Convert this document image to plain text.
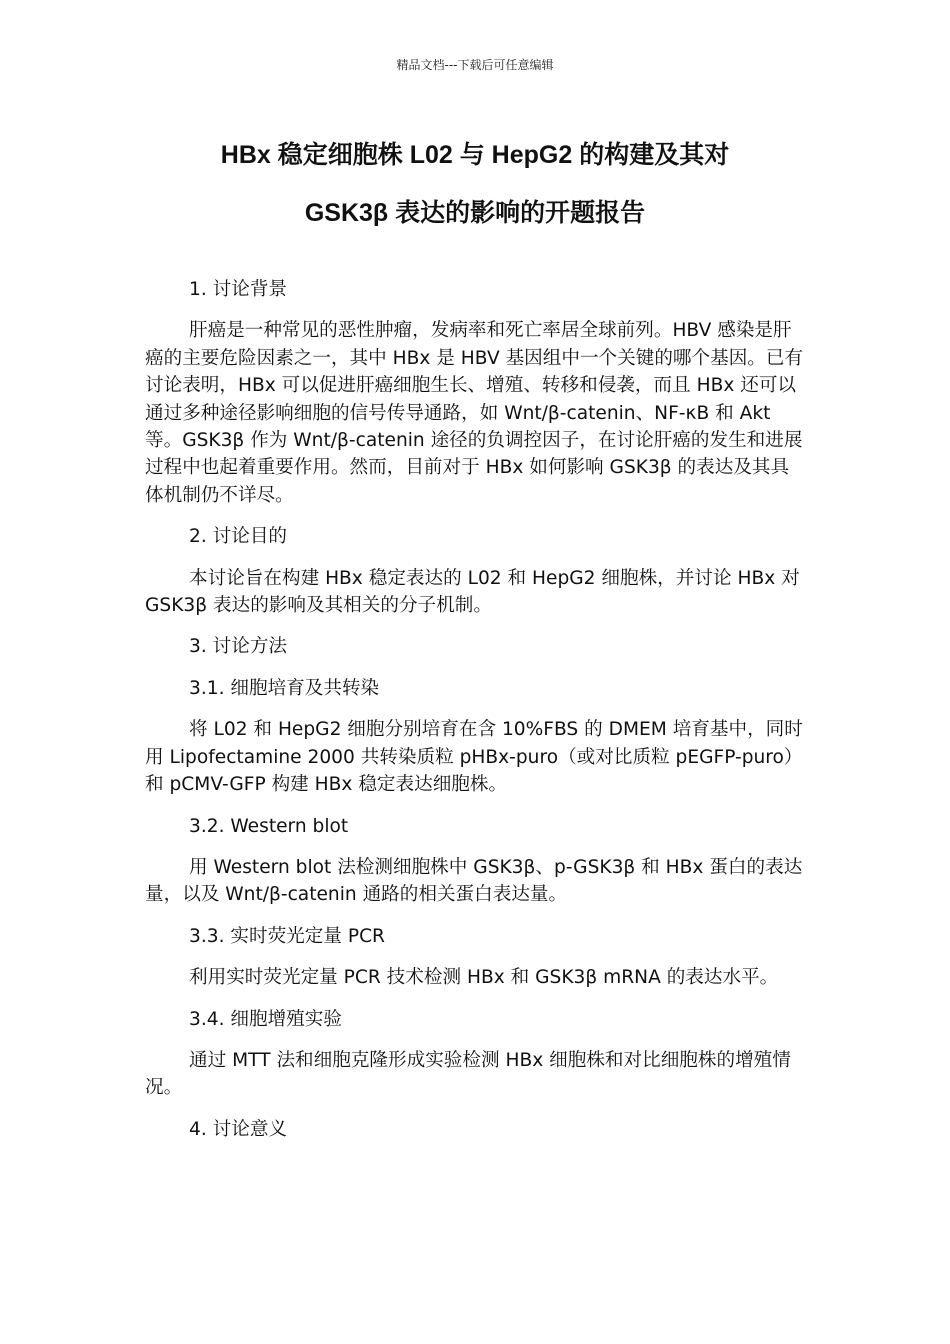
精品文档---下载后可任意编辑
HBx 稳定细胞株 L02 与 HepG2 的构建及其对
GSK3β 表达的影响的开题报告

1. 讨论背景

肝癌是一种常见的恶性肿瘤，发病率和死亡率居全球前列。HBV 感染是肝癌的主要危险因素之一，其中 HBx 是 HBV 基因组中一个关键的哪个基因。已有讨论表明，HBx 可以促进肝癌细胞生长、增殖、转移和侵袭，而且 HBx 还可以通过多种途径影响细胞的信号传导通路，如 Wnt/β-catenin、NF-κB 和 Akt 等。GSK3β 作为 Wnt/β-catenin 途径的负调控因子，在讨论肝癌的发生和进展过程中也起着重要作用。然而，目前对于 HBx 如何影响 GSK3β 的表达及其具体机制仍不详尽。

2. 讨论目的

本讨论旨在构建 HBx 稳定表达的 L02 和 HepG2 细胞株，并讨论 HBx 对 GSK3β 表达的影响及其相关的分子机制。

3. 讨论方法

3.1. 细胞培育及共转染

将 L02 和 HepG2 细胞分别培育在含 10%FBS 的 DMEM 培育基中，同时用 Lipofectamine 2000 共转染质粒 pHBx-puro（或对比质粒 pEGFP-puro）和 pCMV-GFP 构建 HBx 稳定表达细胞株。

3.2. Western blot

用 Western blot 法检测细胞株中 GSK3β、p-GSK3β 和 HBx 蛋白的表达量，以及 Wnt/β-catenin 通路的相关蛋白表达量。

3.3. 实时荧光定量 PCR

利用实时荧光定量 PCR 技术检测 HBx 和 GSK3β mRNA 的表达水平。

3.4. 细胞增殖实验

通过 MTT 法和细胞克隆形成实验检测 HBx 细胞株和对比细胞株的增殖情况。

4. 讨论意义
